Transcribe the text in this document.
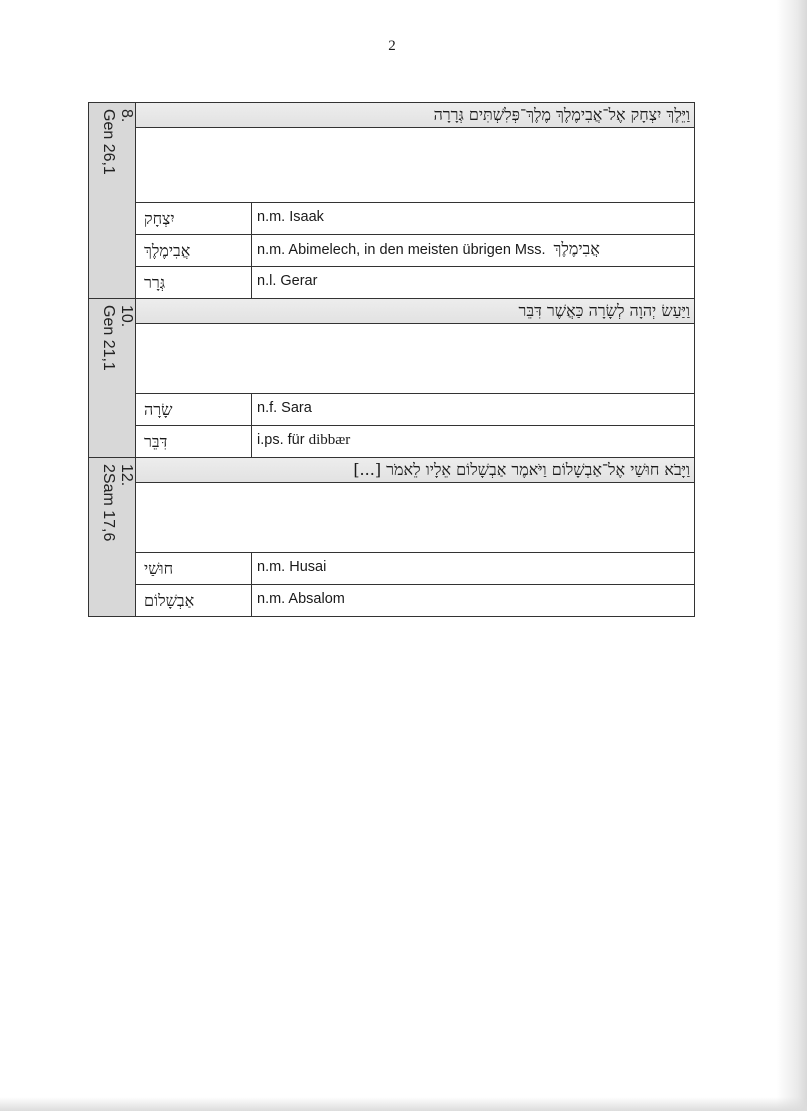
2
8.
Gen 26,1	וַיֵּלֶךְ יִצְחָק אֶל־אֲבִימֶלֶךְ מֶלֶךְ־פְּלִשְׁתִּים גְּרָרָה
יִצְחָק	n.m. Isaak
אֲבִימֶלֶךְ	n.m. Abimelech, in den meisten übrigen Mss. אֲבִימֶלֶךְ
גְּרָר	n.l. Gerar
10.
Gen 21,1	וַיַּעַשׂ יְהוָה לְשָׂרָה כַּאֲשֶׁר דִּבֵּר
שָׂרָה	n.f. Sara
דִּבֵּר	i.ps. für dibbær
12.
2Sam 17,6	וַיָּבֹא חוּשַׁי אֶל־אַבְשָׁלוֹם וַיֹּאמֶר אַבְשָׁלוֹם אֵלָיו לֵאמֹר [...]
חוּשַׁי	n.m. Husai
אַבְשָׁלוֹם	n.m. Absalom
